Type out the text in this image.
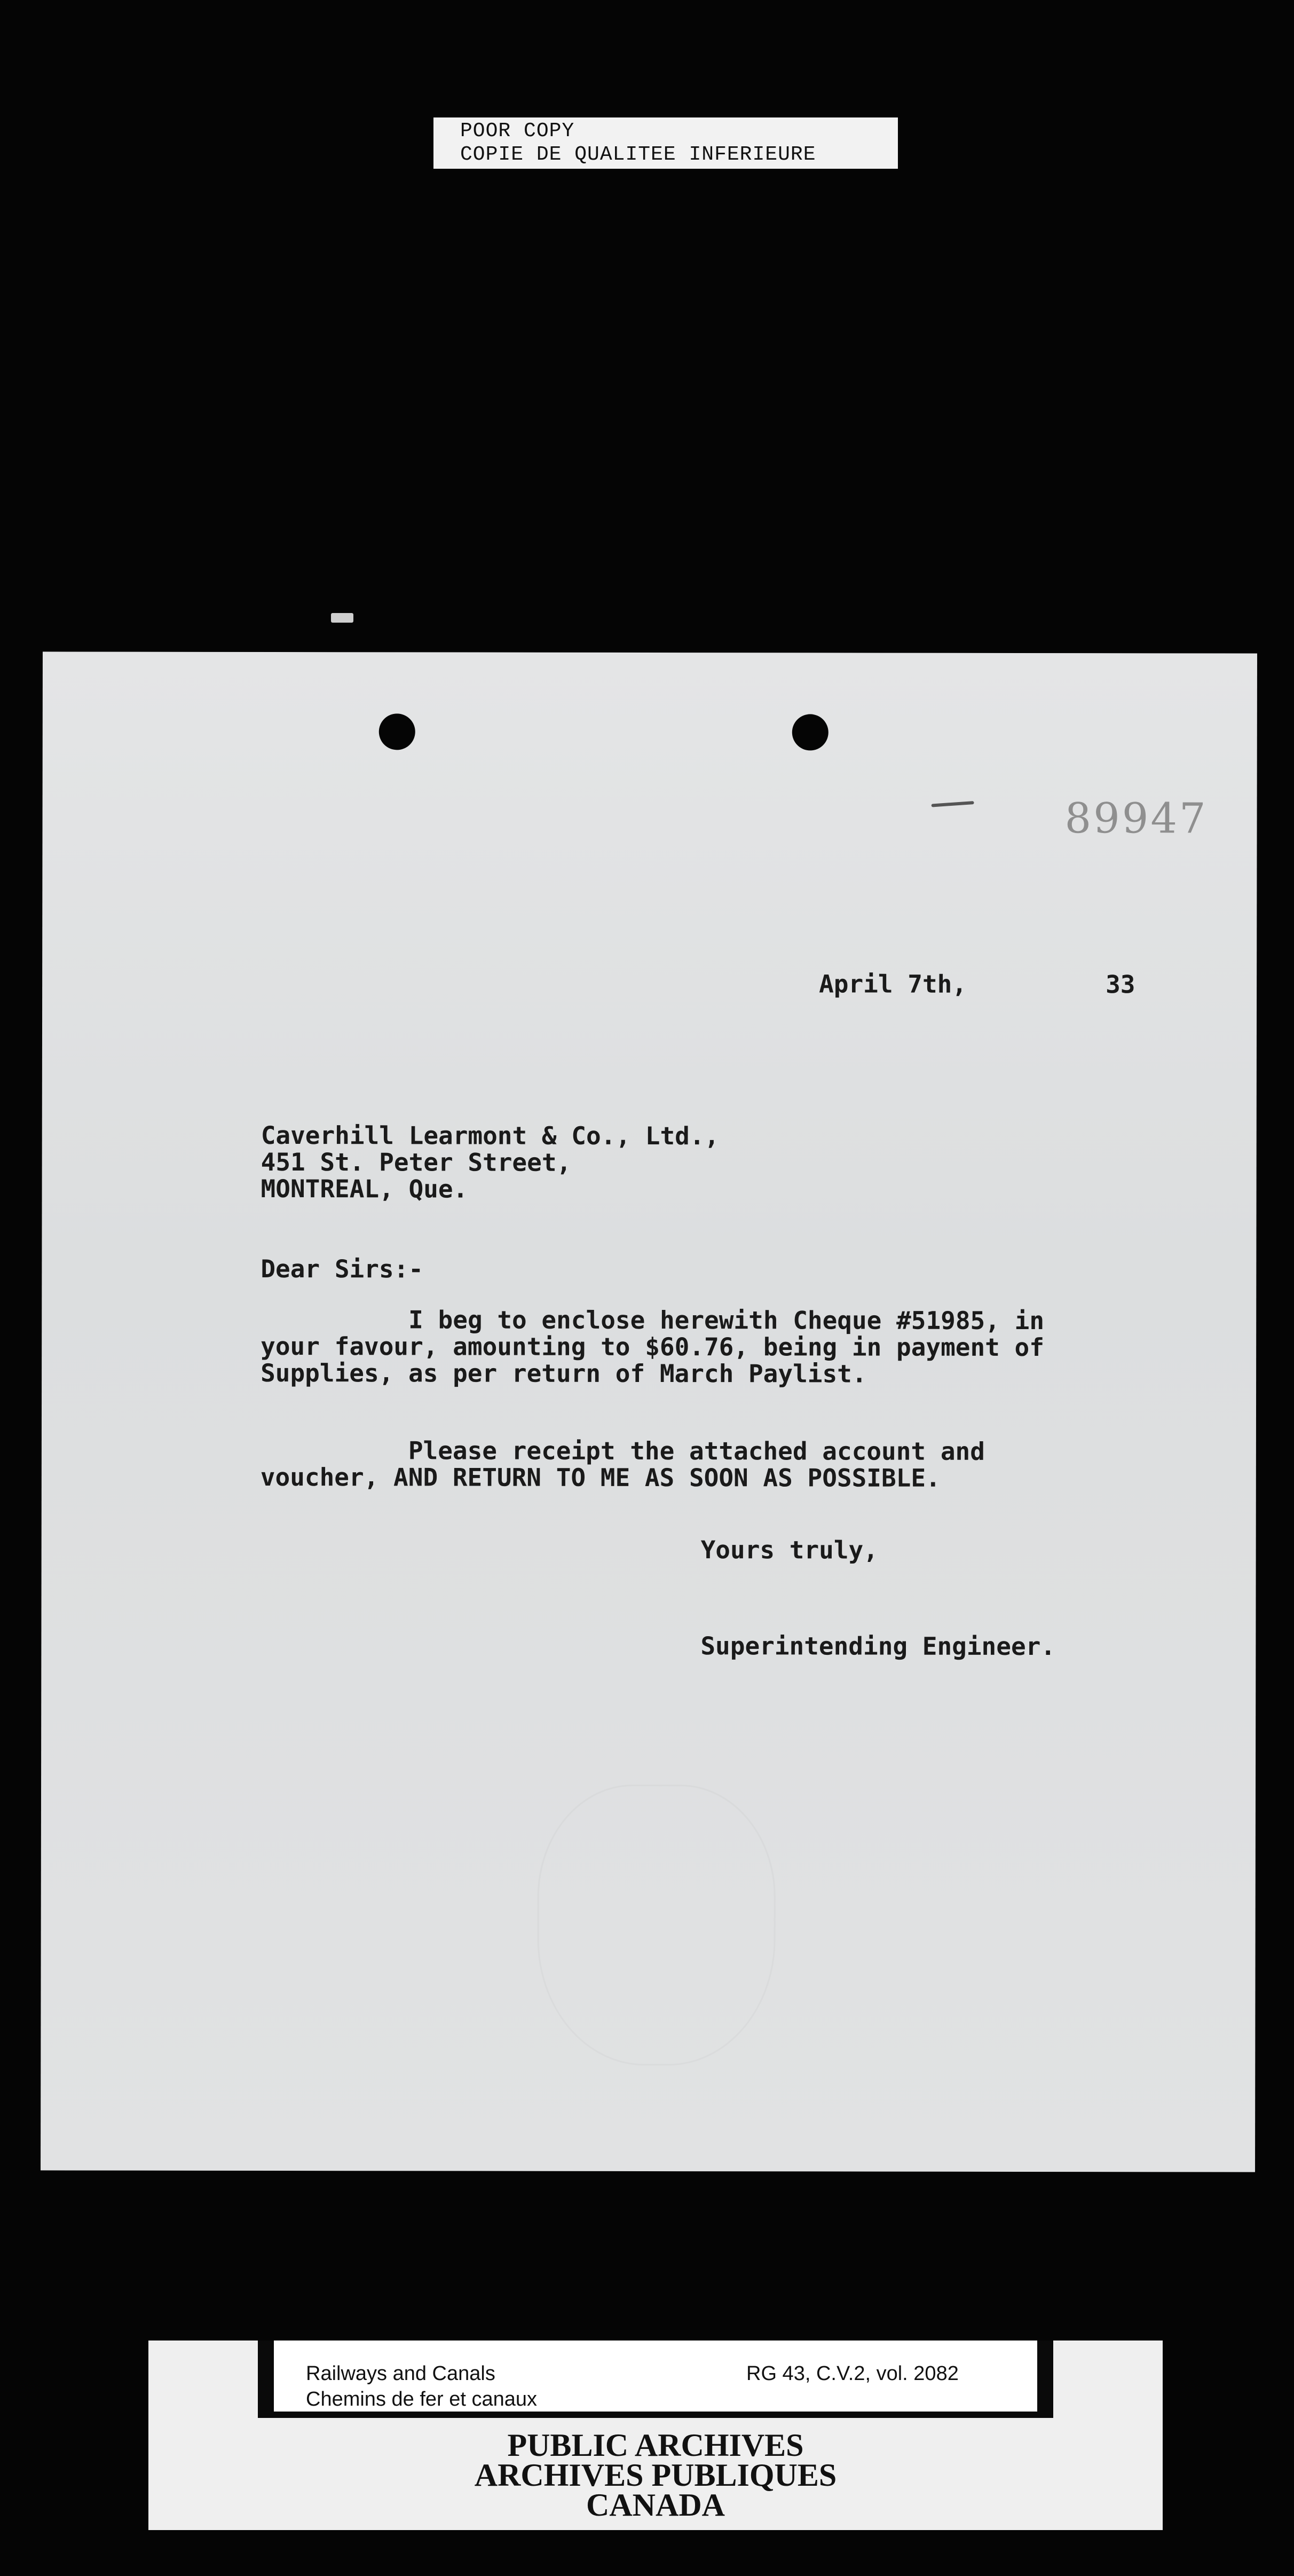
POOR COPY
COPIE DE QUALITEE INFERIEURE
89947
April 7th,	33
Caverhill Learmont & Co., Ltd.,
451 St. Peter Street,
MONTREAL, Que.
Dear Sirs:-
I beg to enclose herewith Cheque #51985, in
your favour, amounting to $60.76, being in payment of
Supplies, as per return of March Paylist.
Please receipt the attached account and
voucher, AND RETURN TO ME AS SOON AS POSSIBLE.
Yours truly,
Superintending Engineer.
Railways and Canals
Chemins de fer et canaux
RG 43, C.V.2, vol. 2082
PUBLIC ARCHIVES
ARCHIVES PUBLIQUES
CANADA
